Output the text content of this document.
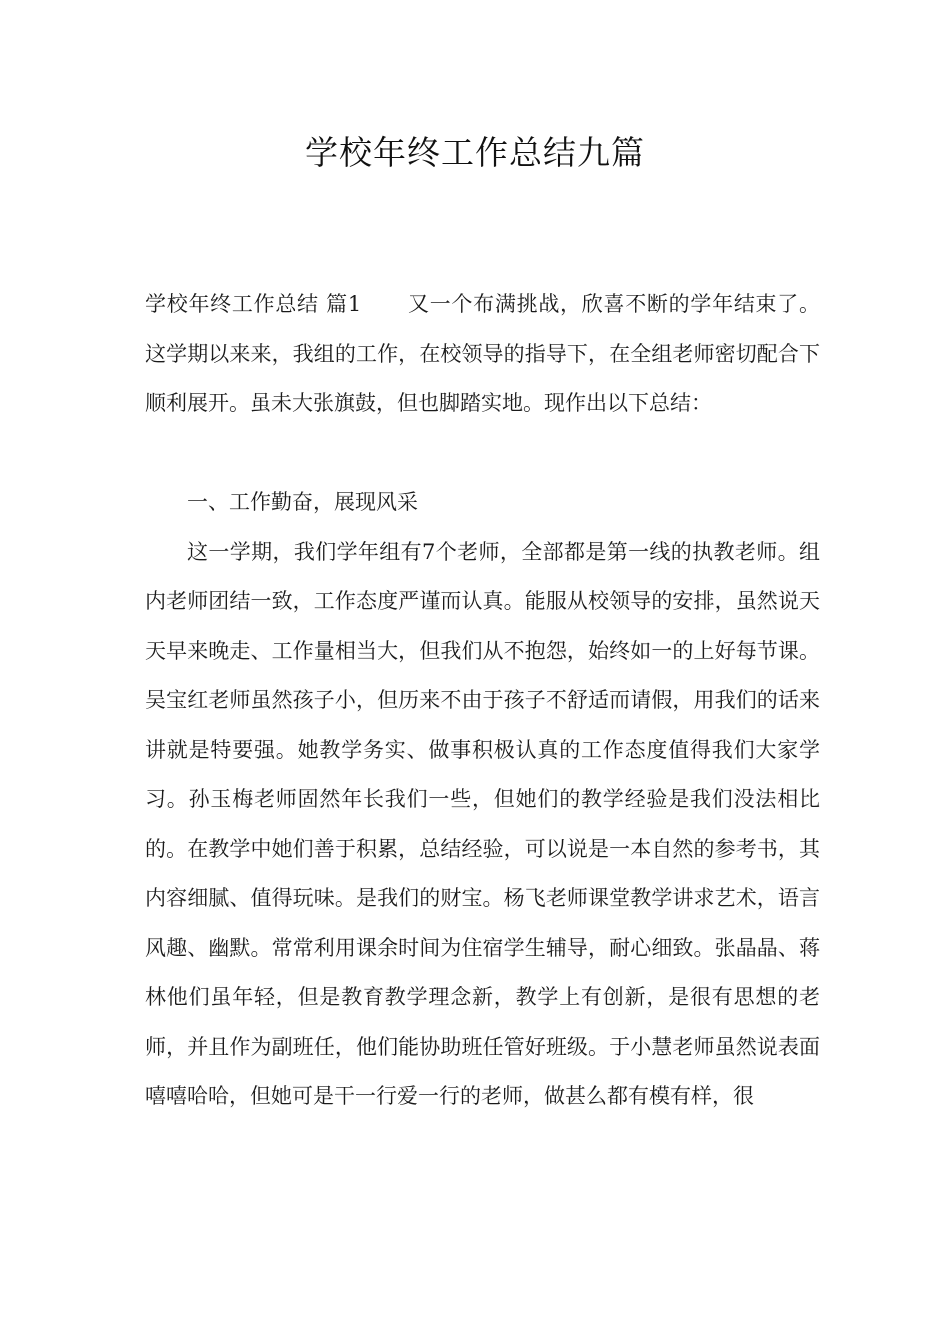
学校年终工作总结九篇

学校年终工作总结 篇1 又一个布满挑战，欣喜不断的学年结束了。这学期以来来，我组的工作，在校领导的指导下，在全组老师密切配合下顺利展开。虽未大张旗鼓，但也脚踏实地。现作出以下总结：

一、工作勤奋，展现风采

这一学期，我们学年组有7个老师，全部都是第一线的执教老师。组内老师团结一致，工作态度严谨而认真。能服从校领导的安排，虽然说天天早来晚走、工作量相当大，但我们从不抱怨，始终如一的上好每节课。吴宝红老师虽然孩子小，但历来不由于孩子不舒适而请假，用我们的话来讲就是特要强。她教学务实、做事积极认真的工作态度值得我们大家学习。孙玉梅老师固然年长我们一些，但她们的教学经验是我们没法相比的。在教学中她们善于积累，总结经验，可以说是一本自然的参考书，其内容细腻、值得玩味。是我们的财宝。杨飞老师课堂教学讲求艺术，语言风趣、幽默。常常利用课余时间为住宿学生辅导，耐心细致。张晶晶、蒋林他们虽年轻，但是教育教学理念新，教学上有创新，是很有思想的老师，并且作为副班任，他们能协助班任管好班级。于小慧老师虽然说表面嘻嘻哈哈，但她可是干一行爱一行的老师，做甚么都有模有样，很
